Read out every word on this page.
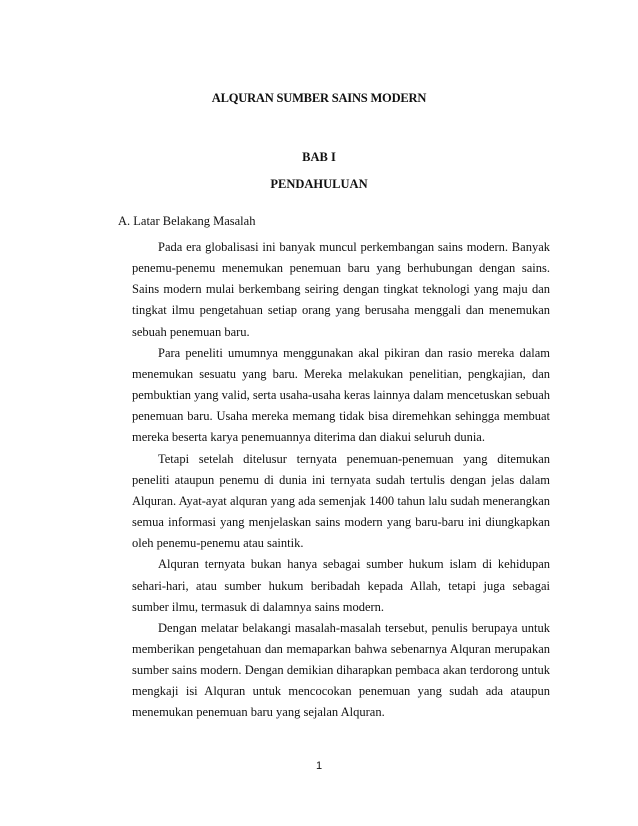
ALQURAN SUMBER SAINS MODERN
BAB I
PENDAHULUAN
A. Latar Belakang Masalah

Pada era globalisasi ini banyak muncul perkembangan sains modern. Banyak penemu-penemu menemukan penemuan baru yang berhubungan dengan sains. Sains modern mulai berkembang seiring dengan tingkat teknologi yang maju dan tingkat ilmu pengetahuan setiap orang yang berusaha menggali dan menemukan sebuah penemuan baru.

Para peneliti umumnya menggunakan akal pikiran dan rasio mereka dalam menemukan sesuatu yang baru. Mereka melakukan penelitian, pengkajian, dan pembuktian yang valid, serta usaha-usaha keras lainnya dalam mencetuskan sebuah penemuan baru. Usaha mereka memang tidak bisa diremehkan sehingga membuat mereka beserta karya penemuannya diterima dan diakui seluruh dunia.

Tetapi setelah ditelusur ternyata penemuan-penemuan yang ditemukan peneliti ataupun penemu di dunia ini ternyata sudah tertulis dengan jelas dalam Alquran. Ayat-ayat alquran yang ada semenjak 1400 tahun lalu sudah menerangkan semua informasi yang menjelaskan sains modern yang baru-baru ini diungkapkan oleh penemu-penemu atau saintik.

Alquran ternyata bukan hanya sebagai sumber hukum islam di kehidupan sehari-hari, atau sumber hukum beribadah kepada Allah, tetapi juga sebagai sumber ilmu, termasuk di dalamnya sains modern.

Dengan melatar belakangi masalah-masalah tersebut, penulis berupaya untuk memberikan pengetahuan dan memaparkan bahwa sebenarnya Alquran merupakan sumber sains modern. Dengan demikian diharapkan pembaca akan terdorong untuk mengkaji isi Alquran untuk mencocokan penemuan yang sudah ada ataupun menemukan penemuan baru yang sejalan Alquran.

1
